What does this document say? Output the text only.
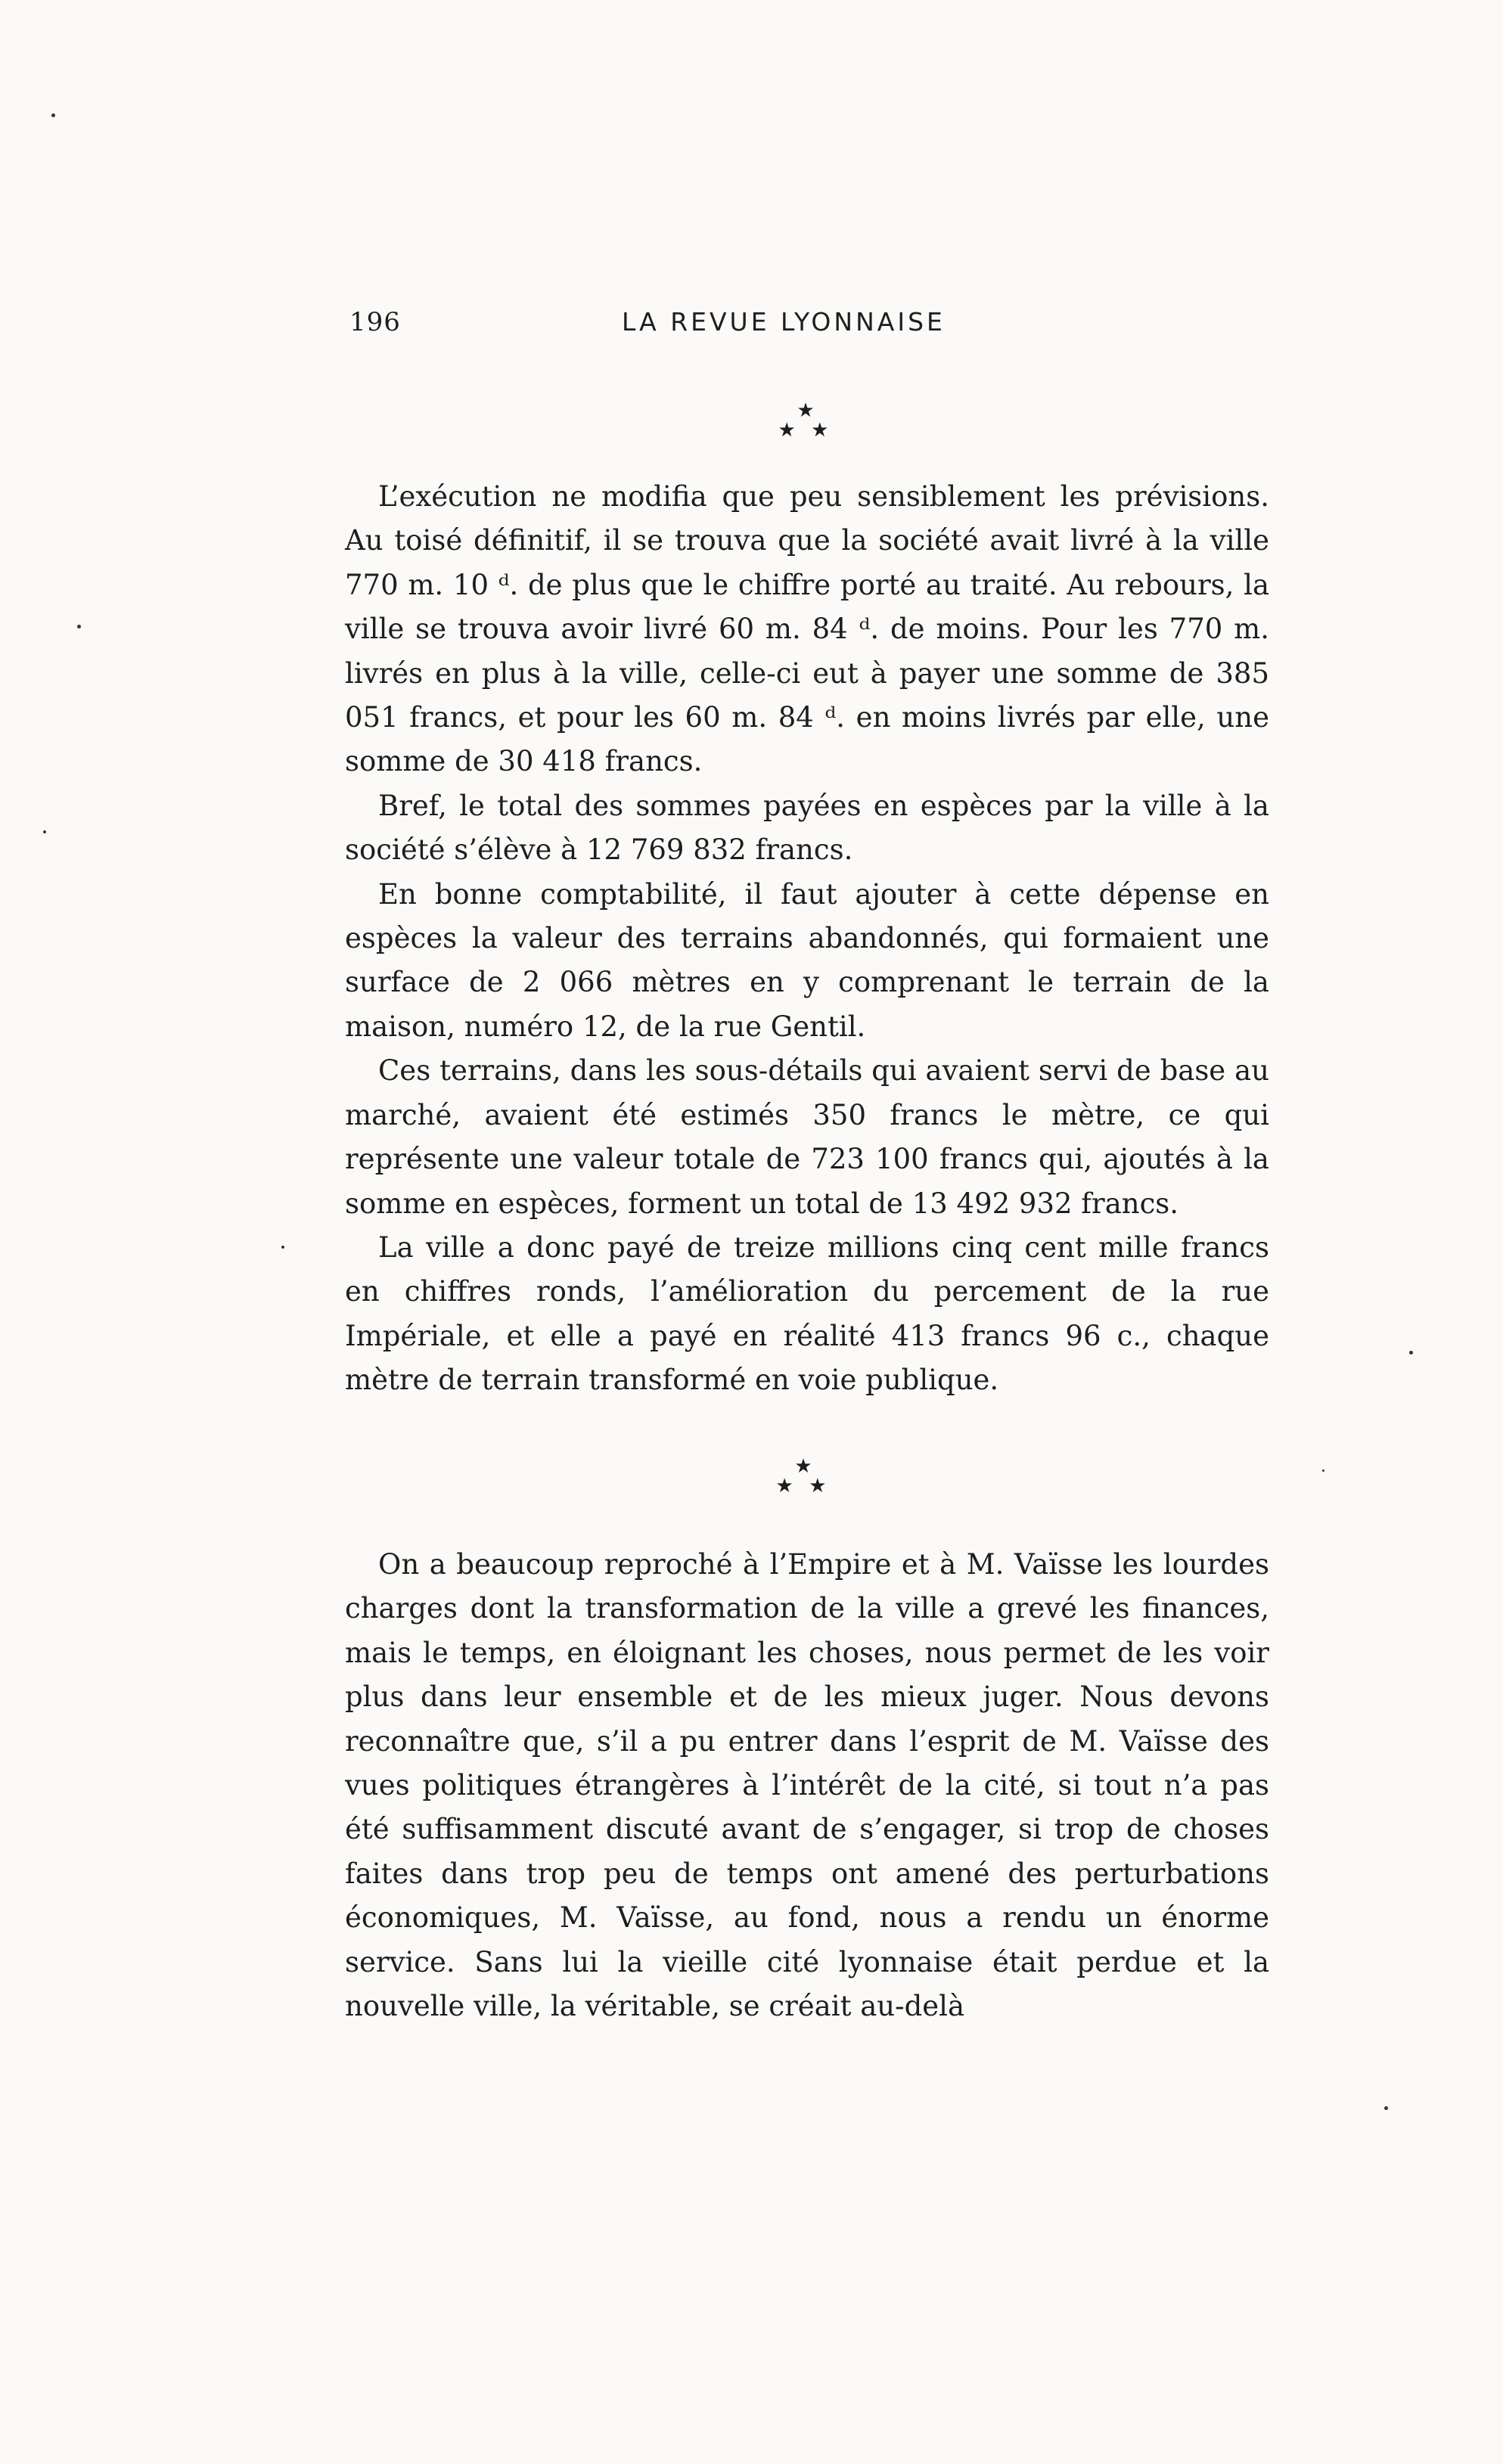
196	LA REVUE LYONNAISE
★
★ ★

L’exécution ne modifia que peu sensiblement les prévisions. Au toisé définitif, il se trouva que la société avait livré à la ville 770 m. 10 ᵈ. de plus que le chiffre porté au traité. Au rebours, la ville se trouva avoir livré 60 m. 84 ᵈ. de moins. Pour les 770 m. livrés en plus à la ville, celle-ci eut à payer une somme de 385 051 francs, et pour les 60 m. 84 ᵈ. en moins livrés par elle, une somme de 30 418 francs.

Bref, le total des sommes payées en espèces par la ville à la société s’élève à 12 769 832 francs.

En bonne comptabilité, il faut ajouter à cette dépense en espèces la valeur des terrains abandonnés, qui formaient une surface de 2 066 mètres en y comprenant le terrain de la maison, numéro 12, de la rue Gentil.

Ces terrains, dans les sous-détails qui avaient servi de base au marché, avaient été estimés 350 francs le mètre, ce qui représente une valeur totale de 723 100 francs qui, ajoutés à la somme en espèces, forment un total de 13 492 932 francs.

La ville a donc payé de treize millions cinq cent mille francs en chiffres ronds, l’amélioration du percement de la rue Impériale, et elle a payé en réalité 413 francs 96 c., chaque mètre de terrain transformé en voie publique.

★
★ ★

On a beaucoup reproché à l’Empire et à M. Vaïsse les lourdes charges dont la transformation de la ville a grevé les finances, mais le temps, en éloignant les choses, nous permet de les voir plus dans leur ensemble et de les mieux juger. Nous devons reconnaître que, s’il a pu entrer dans l’esprit de M. Vaïsse des vues politiques étrangères à l’intérêt de la cité, si tout n’a pas été suffisamment discuté avant de s’engager, si trop de choses faites dans trop peu de temps ont amené des perturbations économiques, M. Vaïsse, au fond, nous a rendu un énorme service. Sans lui la vieille cité lyonnaise était perdue et la nouvelle ville, la véritable, se créait au-delà
